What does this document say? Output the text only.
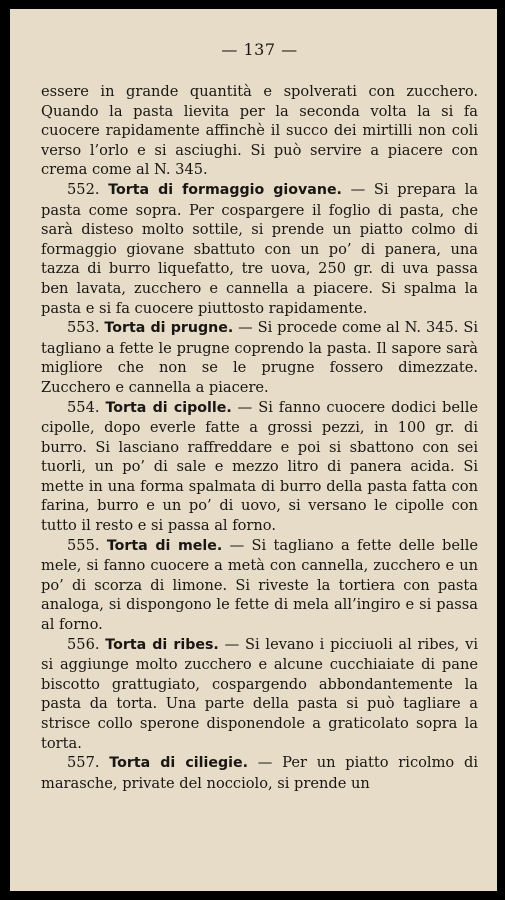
— 137 —

essere in grande quantità e spolverati con zucchero. Quando la pasta lievita per la seconda volta la si fa cuocere rapidamente affinchè il succo dei mirtilli non coli verso l’orlo e si asciughi. Si può servire a piacere con crema come al N. 345.

552. Torta di formaggio giovane. — Si prepara la pasta come sopra. Per cospargere il foglio di pasta, che sarà disteso molto sottile, si prende un piatto colmo di formaggio giovane sbattuto con un po’ di panera, una tazza di burro liquefatto, tre uova, 250 gr. di uva passa ben lavata, zucchero e cannella a piacere. Si spalma la pasta e si fa cuocere piuttosto rapidamente.

553. Torta di prugne. — Si procede come al N. 345. Si tagliano a fette le prugne coprendo la pasta. Il sapore sarà migliore che non se le prugne fossero dimezzate. Zucchero e cannella a piacere.

554. Torta di cipolle. — Si fanno cuocere dodici belle cipolle, dopo everle fatte a grossi pezzi, in 100 gr. di burro. Si lasciano raffreddare e poi si sbattono con sei tuorli, un po’ di sale e mezzo litro di panera acida. Si mette in una forma spalmata di burro della pasta fatta con farina, burro e un po’ di uovo, si versano le cipolle con tutto il resto e si passa al forno.

555. Torta di mele. — Si tagliano a fette delle belle mele, si fanno cuocere a metà con cannella, zucchero e un po’ di scorza di limone. Si riveste la tortiera con pasta analoga, si dispongono le fette di mela all’ingiro e si passa al forno.

556. Torta di ribes. — Si levano i picciuoli al ribes, vi si aggiunge molto zucchero e alcune cucchiaiate di pane biscotto grattugiato, cospargendo abbondantemente la pasta da torta. Una parte della pasta si può tagliare a strisce collo sperone disponendole a graticolato sopra la torta.

557. Torta di ciliegie. — Per un piatto ricolmo di marasche, private del nocciolo, si prende un
